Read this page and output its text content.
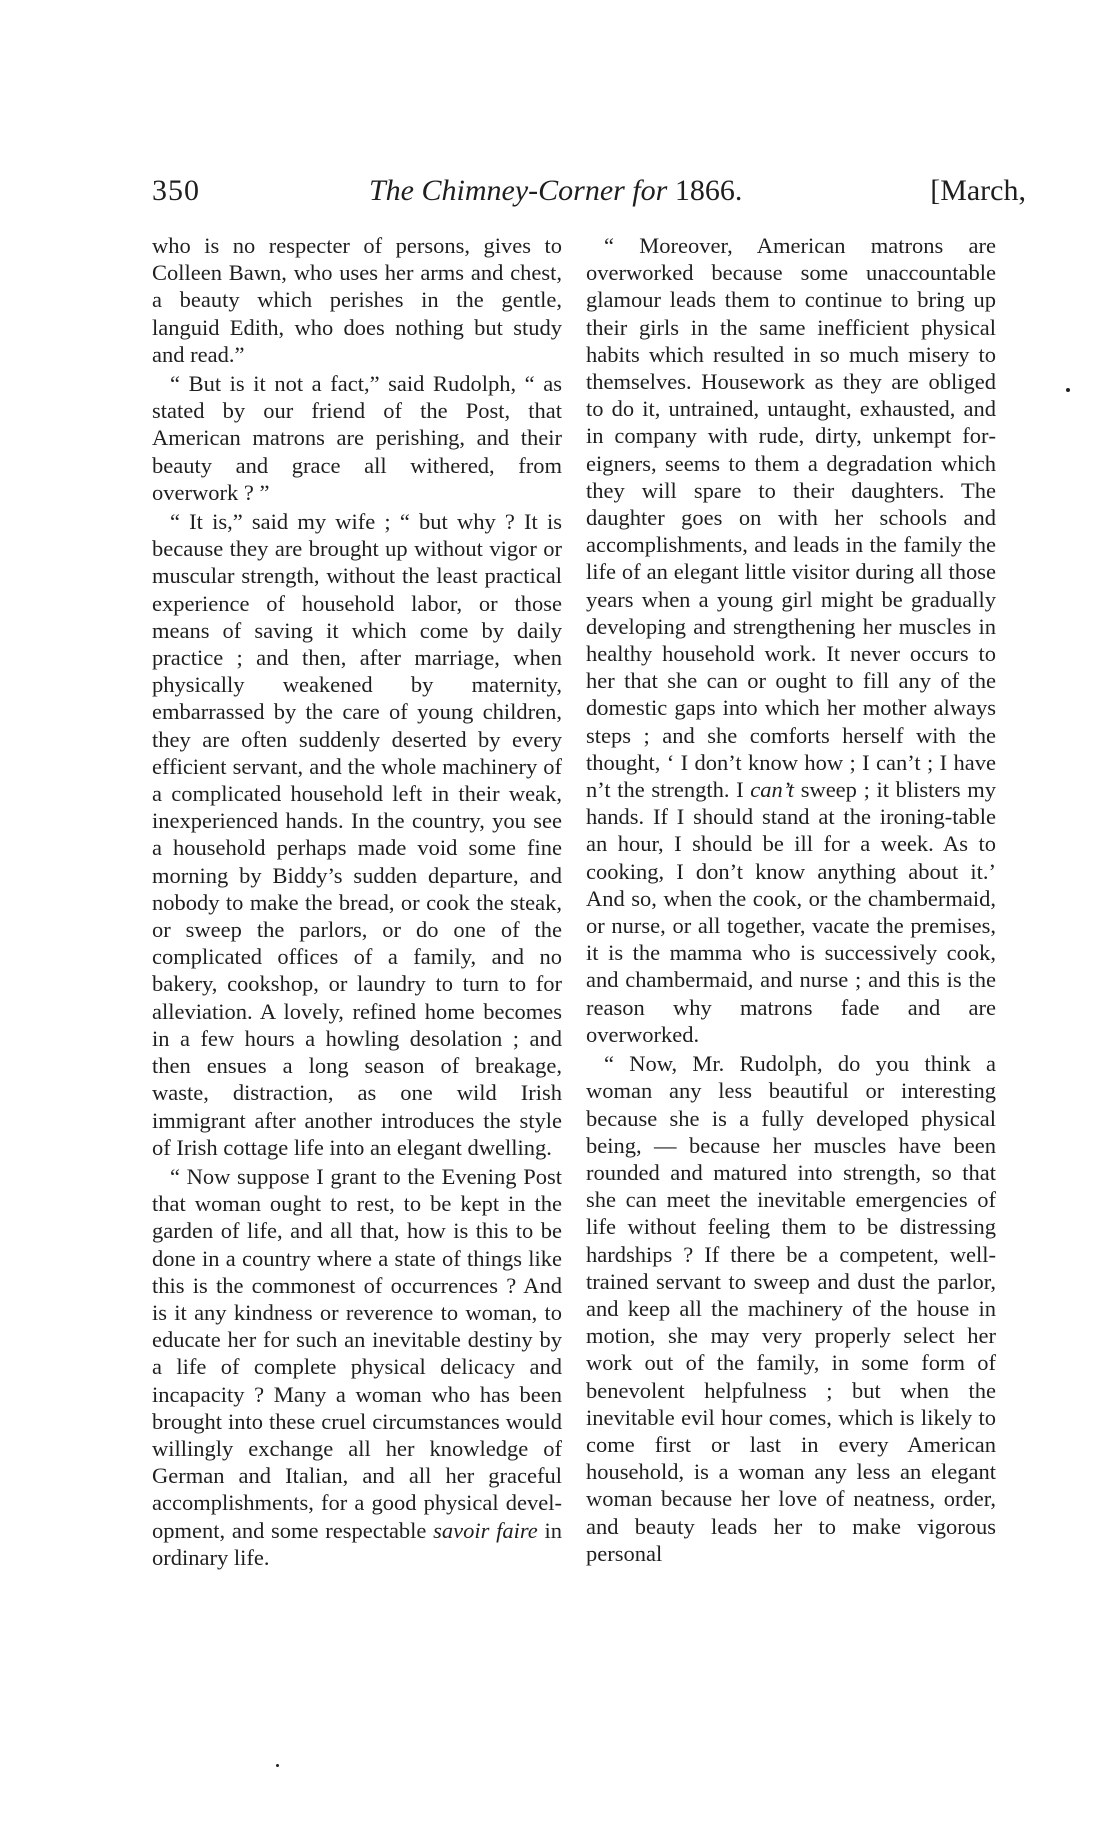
350	The Chimney-Corner for 1866.	[March,

who is no respecter of persons, gives to Colleen Bawn, who uses her arms and chest, a beauty which perishes in the gentle, languid Edith, who does nothing but study and read.”

“ But is it not a fact,” said Rudolph, “ as stated by our friend of the Post, that American matrons are perishing, and their beauty and grace all withered, from overwork ? ”

“ It is,” said my wife ; “ but why ? It is because they are brought up without vigor or muscular strength, without the least practical experience of household labor, or those means of saving it which come by daily practice ; and then, after marriage, when physically weakened by maternity, embarrassed by the care of young children, they are often suddenly deserted by every efficient servant, and the whole machinery of a complicated household left in their weak, inexperienced hands. In the country, you see a household perhaps made void some fine morning by Biddy’s sudden departure, and nobody to make the bread, or cook the steak, or sweep the parlors, or do one of the complicated offices of a family, and no bakery, cookshop, or laundry to turn to for alleviation. A lovely, refined home becomes in a few hours a howling desolation ; and then ensues a long season of breakage, waste, distraction, as one wild Irish immigrant after another introduces the style of Irish cottage life into an elegant dwelling.

“ Now suppose I grant to the Evening Post that woman ought to rest, to be kept in the garden of life, and all that, how is this to be done in a country where a state of things like this is the commonest of occurrences ? And is it any kindness or reverence to woman, to educate her for such an inevitable destiny by a life of complete physical delicacy and incapacity ? Many a woman who has been brought into these cruel circumstances would willingly exchange all her knowledge of German and Italian, and all her graceful accomplishments, for a good physical development, and some respectable savoir faire in ordinary life.

“ Moreover, American matrons are overworked because some unaccountable glamour leads them to continue to bring up their girls in the same inefficient physical habits which resulted in so much misery to themselves. Housework as they are obliged to do it, untrained, untaught, exhausted, and in company with rude, dirty, unkempt foreigners, seems to them a degradation which they will spare to their daughters. The daughter goes on with her schools and accomplishments, and leads in the family the life of an elegant little visitor during all those years when a young girl might be gradually developing and strengthening her muscles in healthy household work. It never occurs to her that she can or ought to fill any of the domestic gaps into which her mother always steps ; and she comforts herself with the thought, ‘ I don’t know how ; I can’t ; I have n’t the strength. I can’t sweep ; it blisters my hands. If I should stand at the ironing-table an hour, I should be ill for a week. As to cooking, I don’t know anything about it.’ And so, when the cook, or the chambermaid, or nurse, or all together, vacate the premises, it is the mamma who is successively cook, and chambermaid, and nurse ; and this is the reason why matrons fade and are overworked.

“ Now, Mr. Rudolph, do you think a woman any less beautiful or interesting because she is a fully developed physical being, — because her muscles have been rounded and matured into strength, so that she can meet the inevitable emergencies of life without feeling them to be distressing hardships ? If there be a competent, well-trained servant to sweep and dust the parlor, and keep all the machinery of the house in motion, she may very properly select her work out of the family, in some form of benevolent helpfulness ; but when the inevitable evil hour comes, which is likely to come first or last in every American household, is a woman any less an elegant woman because her love of neatness, order, and beauty leads her to make vigorous personal
